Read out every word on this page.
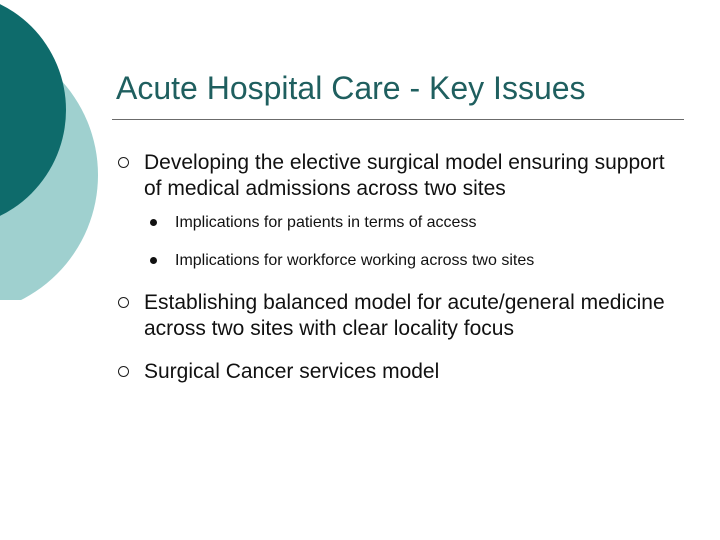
Acute Hospital Care - Key Issues
Developing the elective surgical model ensuring support of medical admissions across two sites
Implications for patients in terms of access
Implications for workforce working across two sites
Establishing balanced model for acute/general medicine across two sites with clear locality focus
Surgical Cancer services model
